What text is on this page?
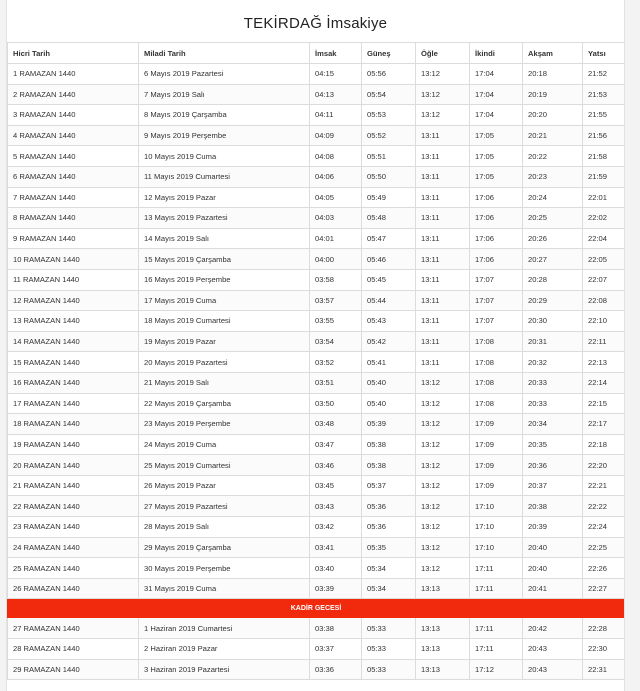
TEKİRDAĞ İmsakiye
Hicri Tarih	Miladi Tarih	İmsak	Güneş	Öğle	İkindi	Akşam	Yatsı
1 RAMAZAN 1440	6 Mayıs 2019 Pazartesi	04:15	05:56	13:12	17:04	20:18	21:52
2 RAMAZAN 1440	7 Mayıs 2019 Salı	04:13	05:54	13:12	17:04	20:19	21:53
3 RAMAZAN 1440	8 Mayıs 2019 Çarşamba	04:11	05:53	13:12	17:04	20:20	21:55
4 RAMAZAN 1440	9 Mayıs 2019 Perşembe	04:09	05:52	13:11	17:05	20:21	21:56
5 RAMAZAN 1440	10 Mayıs 2019 Cuma	04:08	05:51	13:11	17:05	20:22	21:58
6 RAMAZAN 1440	11 Mayıs 2019 Cumartesi	04:06	05:50	13:11	17:05	20:23	21:59
7 RAMAZAN 1440	12 Mayıs 2019 Pazar	04:05	05:49	13:11	17:06	20:24	22:01
8 RAMAZAN 1440	13 Mayıs 2019 Pazartesi	04:03	05:48	13:11	17:06	20:25	22:02
9 RAMAZAN 1440	14 Mayıs 2019 Salı	04:01	05:47	13:11	17:06	20:26	22:04
10 RAMAZAN 1440	15 Mayıs 2019 Çarşamba	04:00	05:46	13:11	17:06	20:27	22:05
11 RAMAZAN 1440	16 Mayıs 2019 Perşembe	03:58	05:45	13:11	17:07	20:28	22:07
12 RAMAZAN 1440	17 Mayıs 2019 Cuma	03:57	05:44	13:11	17:07	20:29	22:08
13 RAMAZAN 1440	18 Mayıs 2019 Cumartesi	03:55	05:43	13:11	17:07	20:30	22:10
14 RAMAZAN 1440	19 Mayıs 2019 Pazar	03:54	05:42	13:11	17:08	20:31	22:11
15 RAMAZAN 1440	20 Mayıs 2019 Pazartesi	03:52	05:41	13:11	17:08	20:32	22:13
16 RAMAZAN 1440	21 Mayıs 2019 Salı	03:51	05:40	13:12	17:08	20:33	22:14
17 RAMAZAN 1440	22 Mayıs 2019 Çarşamba	03:50	05:40	13:12	17:08	20:33	22:15
18 RAMAZAN 1440	23 Mayıs 2019 Perşembe	03:48	05:39	13:12	17:09	20:34	22:17
19 RAMAZAN 1440	24 Mayıs 2019 Cuma	03:47	05:38	13:12	17:09	20:35	22:18
20 RAMAZAN 1440	25 Mayıs 2019 Cumartesi	03:46	05:38	13:12	17:09	20:36	22:20
21 RAMAZAN 1440	26 Mayıs 2019 Pazar	03:45	05:37	13:12	17:09	20:37	22:21
22 RAMAZAN 1440	27 Mayıs 2019 Pazartesi	03:43	05:36	13:12	17:10	20:38	22:22
23 RAMAZAN 1440	28 Mayıs 2019 Salı	03:42	05:36	13:12	17:10	20:39	22:24
24 RAMAZAN 1440	29 Mayıs 2019 Çarşamba	03:41	05:35	13:12	17:10	20:40	22:25
25 RAMAZAN 1440	30 Mayıs 2019 Perşembe	03:40	05:34	13:12	17:11	20:40	22:26
26 RAMAZAN 1440	31 Mayıs 2019 Cuma	03:39	05:34	13:13	17:11	20:41	22:27
KADİR GECESİ							
27 RAMAZAN 1440	1 Haziran 2019 Cumartesi	03:38	05:33	13:13	17:11	20:42	22:28
28 RAMAZAN 1440	2 Haziran 2019 Pazar	03:37	05:33	13:13	17:11	20:43	22:30
29 RAMAZAN 1440	3 Haziran 2019 Pazartesi	03:36	05:33	13:13	17:12	20:43	22:31
